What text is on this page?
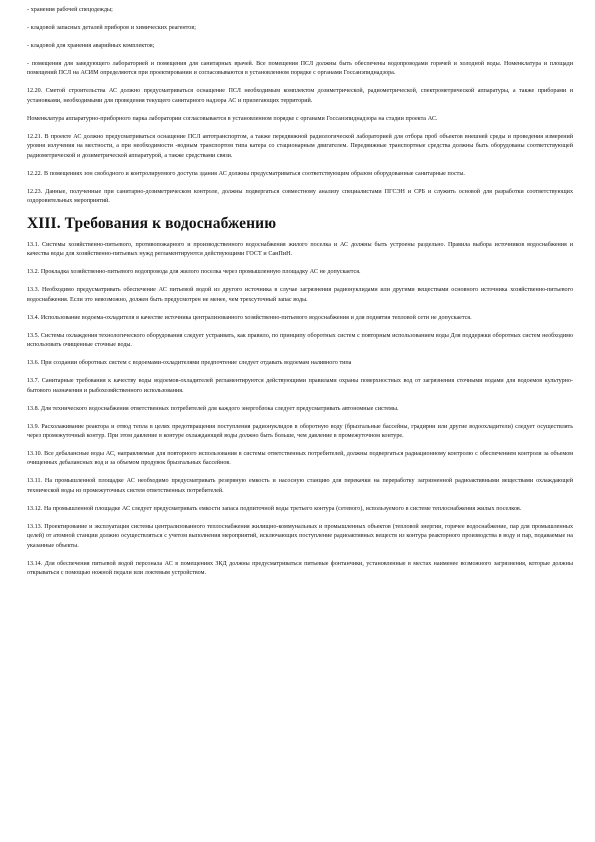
- хранения рабочей спецодежды;

- кладовой запасных деталей приборов и химических реагентов;

- кладовой для хранения аварийных комплектов;

- помещения для заведующего лабораторией и помещения для санитарных врачей. Все помещения ПСЛ должны быть обеспечены водопроводами горячей и холодной воды. Номенклатура и площади помещений ПСЛ на АСИМ определяются при проектировании и согласовываются в установленном порядке с органами Госсанэпиднадзора.

12.20. Сметой строительства АС должно предусматриваться оснащение ПСЛ необходимым комплектом дозиметрической, радиометрической, спектрометрической аппаратуры, а также приборами и установками, необходимыми для проведения текущего санитарного надзора АС и прилегающих территорий.

Номенклатура аппаратурно-приборного парка лаборатории согласовывается в установленном порядке с органами Госсанэпиднадзора на стадии проекта АС.

12.21. В проекте АС должно предусматриваться оснащение ПСЛ автотранспортом, а также передвижной радиологической лабораторией для отбора проб объектов внешней среды и проведения измерений уровня излучения на местности, а при необходимости -водным транспортом типа катера со стационарным двигателем. Передвижные транспортные средства должны быть оборудованы соответствующей радиометрической и дозиметрической аппаратурой, а также средствами связи.

12.22. В помещениях зон свободного и контролируемого доступа здания АС должны предусматриваться соответствующим образом оборудованные санитарные посты.

12.23. Данные, полученные при санитарно-дозиметрическом контроле, должны подвергаться совместному анализу специалистами ПГСЭН и СРБ и служить основой для разработки соответствующих оздоровительных мероприятий.

XIII. Требования к водоснабжению

13.1. Системы хозяйственно-питьевого, противопожарного и производственного водоснабжения жилого поселка и АС должны быть устроены раздельно. Правила выбора источников водоснабжения и качества воды для хозяйственно-питьевых нужд регламентируются действующими ГОСТ и СанПиН.

13.2. Прокладка хозяйственно-питьевого водопровода для жилого поселка через промышленную площадку АС не допускается.

13.3. Необходимо предусматривать обеспечение АС питьевой водой из другого источника в случае загрязнения радионуклидами или другими веществами основного источника хозяйственно-питьевого водоснабжения. Если это невозможно, должен быть предусмотрен не менее, чем трехсуточный запас воды.

13.4. Использование водоема-охладителя в качестве источника централизованного хозяйственно-питьевого водоснабжения и для поднятия тепловой сети не допускается.

13.5. Системы охлаждения технологического оборудования следует устраивать, как правило, по принципу оборотных систем с повторным использованием воды Для поддержки оборотных систем необходимо использовать очищенные сточные воды.

13.6. При создании оборотных систем с водоемами-охладителями предпочтение следует отдавать водоемам наливного типа

13.7. Санитарные требования к качеству воды водоемов-охладителей регламентируются действующими правилами охраны поверхностных вод от загрязнения сточными водами для водоемов культурно-бытового назначения и рыбохозяйственного использования.

13.8. Для технического водоснабжения ответственных потребителей для каждого энергоблока следует предусматривать автономные системы.

13.9. Расхолаживание реактора и отвод тепла в целях предотвращения поступления радионуклидов в оборотную воду (брызгальные бассейны, градирни или другие водоохладители) следует осуществлять через промежуточный контур. При этом давление в контуре охлаждающей воды должно быть больше, чем давление в промежуточном контуре.

13.10. Все дебалансные воды АС, направляемые для повторного использования в системы ответственных потребителей, должны подвергаться радиационному контролю с обеспечением контроля за объемом очищенных дебалансных вод и за объемом продувок брызгальных бассейнов.

13.11. На промышленной площадке АС необходимо предусматривать резервную емкость и насосную станцию для перекачки на переработку загрязненной радиоактивными веществами охлаждающей технической воды из промежуточных систем ответственных потребителей.

13.12. На промышленной площадке АС следует предусматривать емкости запаса подпиточной воды третьего контура (сетевого), используемого в системе теплоснабжения жилых поселков.

13.13. Проектирование и эксплуатация системы централизованного теплоснабжения жилищно-коммунальных и промышленных объектов (тепловой энергии, горячее водоснабжение, пар для промышленных целей) от атомной станции должно осуществляться с учетом выполнения мероприятий, исключающих поступление радиоактивных веществ из контура реакторного производства в воду и пар, подаваемые на указанные объекты.

13.14. Для обеспечения питьевой водой персонала АС в помещениях ЗКД должны предусматриваться питьевые фонтанчики, установленные в местах наименее возможного загрязнения, которые должны открываться с помощью ножной педали или локтевым устройством.
